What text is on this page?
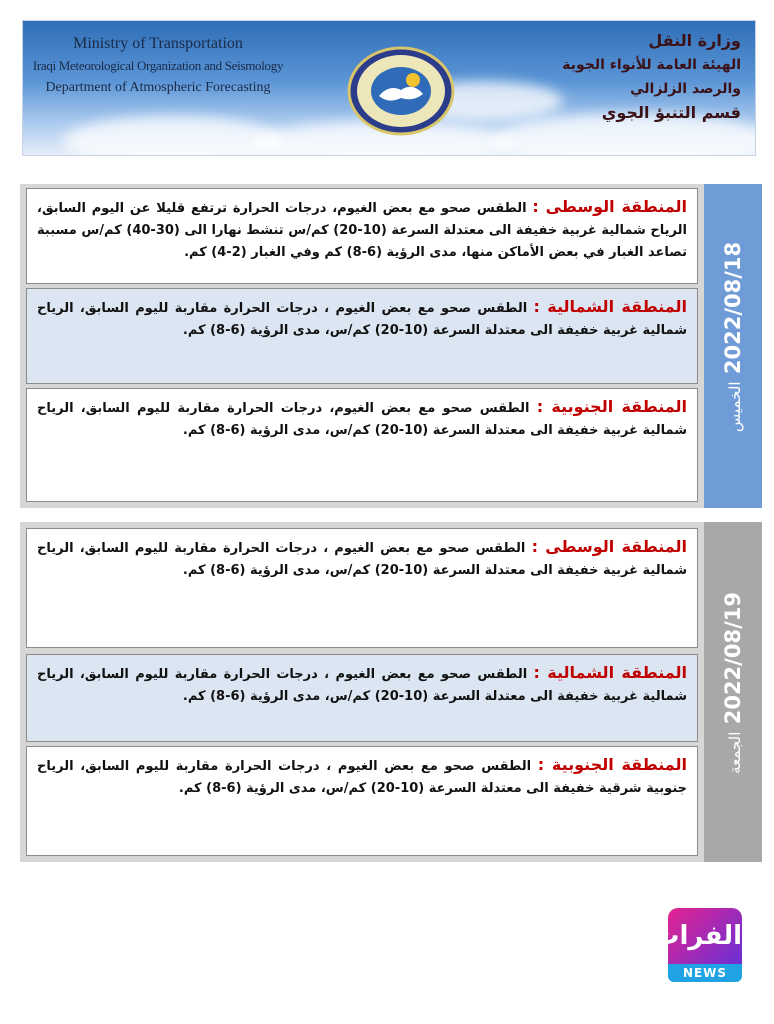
Ministry of Transportation
Iraqi Meteorological Organization and Seismology
Department of Atmospheric Forecasting
وزارة النقل
الهيئة العامة للأنواء الجوية والرصد الزلزالي
قسم التنبؤ الجوي
2022/08/18 الخميس
المنطقة الوسطى : الطقس صحو مع بعض الغيوم، درجات الحرارة ترتفع قليلا عن اليوم السابق، الرياح شمالية غربية خفيفة الى معتدلة السرعة (10-20) كم/س تنشط نهارا الى (30-40) كم/س مسببة تصاعد الغبار في بعض الأماكن منها، مدى الرؤية (6-8) كم وفي الغبار (2-4) كم.
المنطقة الشمالية : الطقس صحو مع بعض الغيوم ، درجات الحرارة مقاربة لليوم السابق، الرياح شمالية غربية خفيفة الى معتدلة السرعة (10-20) كم/س، مدى الرؤية (6-8) كم.
المنطقة الجنوبية : الطقس صحو مع بعض الغيوم، درجات الحرارة مقاربة لليوم السابق، الرياح شمالية غربية خفيفة الى معتدلة السرعة (10-20) كم/س، مدى الرؤية (6-8) كم.
2022/08/19 الجمعة
المنطقة الوسطى : الطقس صحو مع بعض الغيوم ، درجات الحرارة مقاربة لليوم السابق، الرياح شمالية غربية خفيفة الى معتدلة السرعة (10-20) كم/س، مدى الرؤية (6-8) كم.
المنطقة الشمالية : الطقس صحو مع بعض الغيوم ، درجات الحرارة مقاربة لليوم السابق، الرياح شمالية غربية خفيفة الى معتدلة السرعة (10-20) كم/س، مدى الرؤية (6-8) كم.
المنطقة الجنوبية : الطقس صحو مع بعض الغيوم ، درجات الحرارة مقاربة لليوم السابق، الرياح جنوبية شرقية خفيفة الى معتدلة السرعة (10-20) كم/س، مدى الرؤية (6-8) كم.
الفرات
NEWS
